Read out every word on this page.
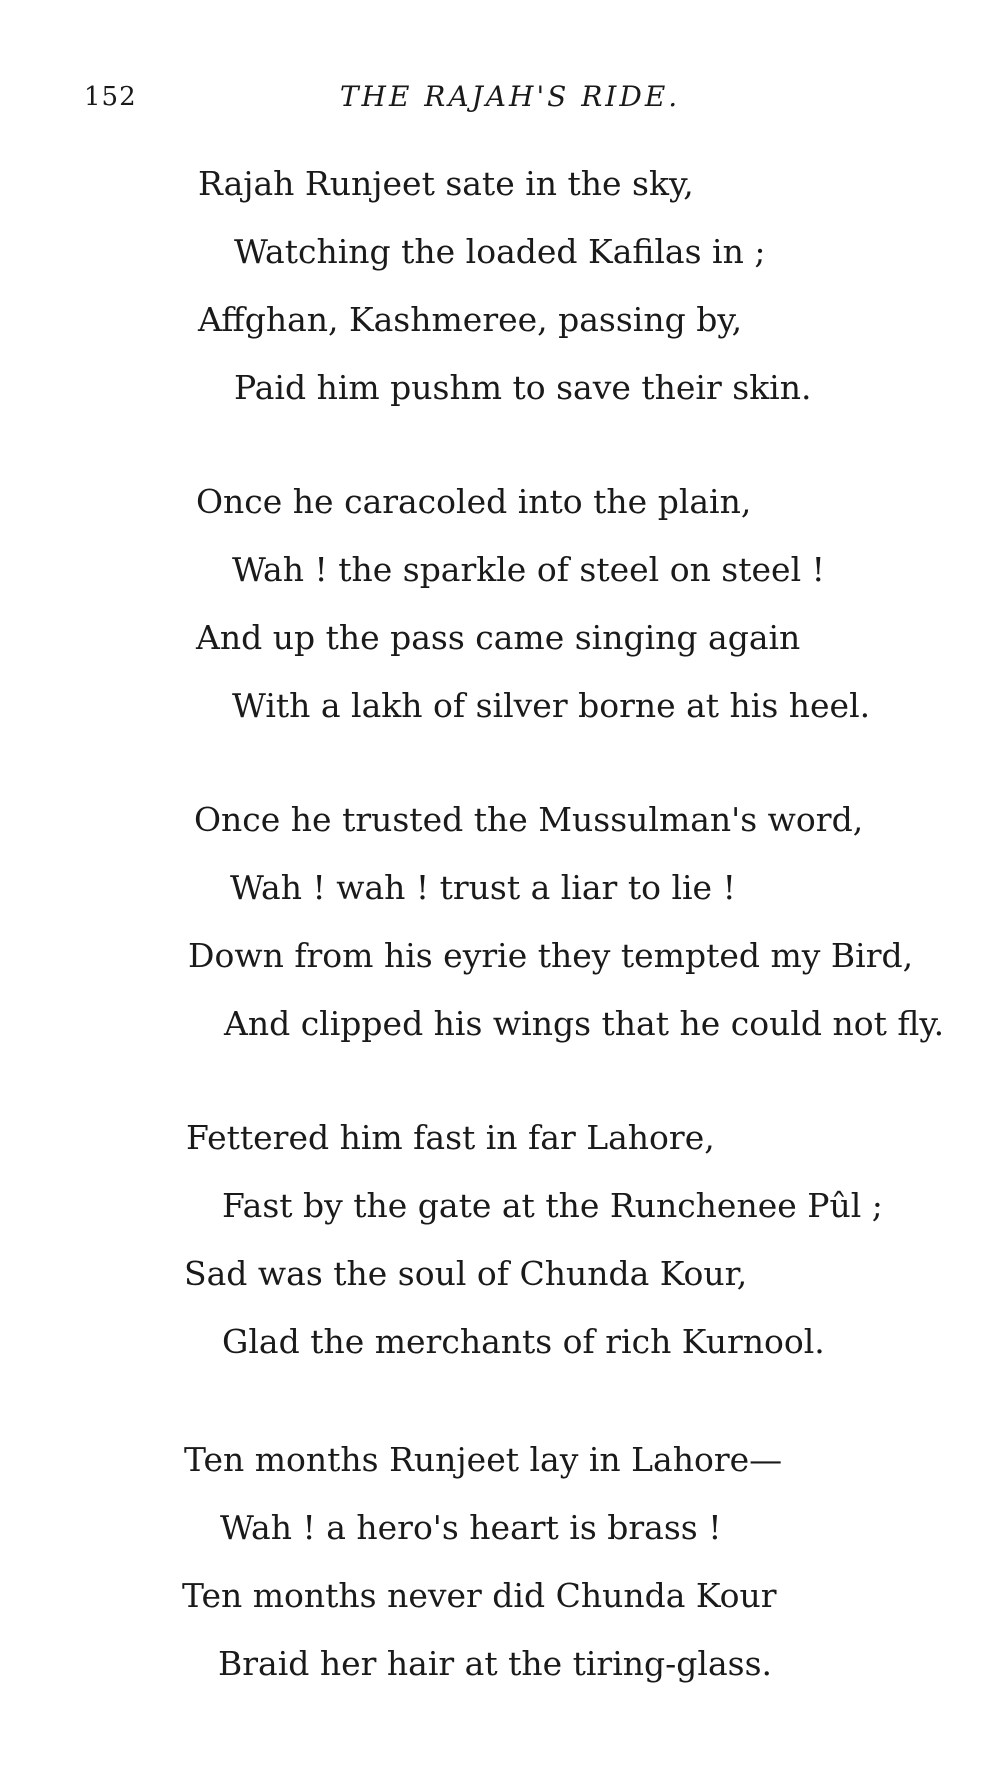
152	THE RAJAH'S RIDE.
Rajah Runjeet sate in the sky,
Watching the loaded Kafilas in ;
Affghan, Kashmeree, passing by,
Paid him pushm to save their skin.
Once he caracoled into the plain,
Wah ! the sparkle of steel on steel !
And up the pass came singing again
With a lakh of silver borne at his heel.
Once he trusted the Mussulman's word,
Wah ! wah ! trust a liar to lie !
Down from his eyrie they tempted my Bird,
And clipped his wings that he could not fly.
Fettered him fast in far Lahore,
Fast by the gate at the Runchenee Pûl ;
Sad was the soul of Chunda Kour,
Glad the merchants of rich Kurnool.
Ten months Runjeet lay in Lahore—
Wah ! a hero's heart is brass !
Ten months never did Chunda Kour
Braid her hair at the tiring-glass.
